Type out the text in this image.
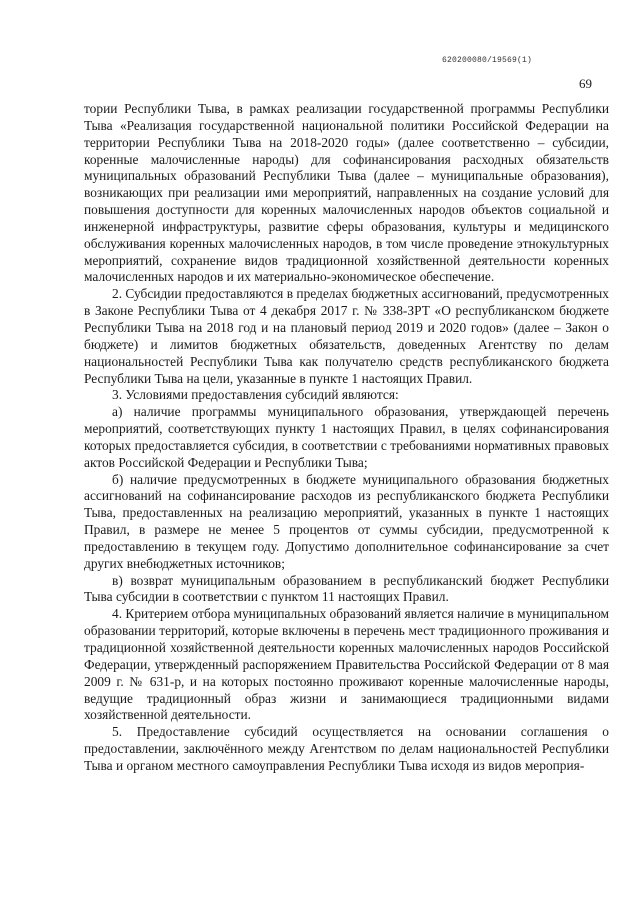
620200080/19569(1)
69

тории Республики Тыва, в рамках реализации государственной программы Республики Тыва «Реализация государственной национальной политики Российской Федерации на территории Республики Тыва на 2018-2020 годы» (далее соответственно – субсидии, коренные малочисленные народы) для софинансирования расходных обязательств муниципальных образований Республики Тыва (далее – муниципальные образования), возникающих при реализации ими мероприятий, направленных на создание условий для повышения доступности для коренных малочисленных народов объектов социальной и инженерной инфраструктуры, развитие сферы образования, культуры и медицинского обслуживания коренных малочисленных народов, в том числе проведение этнокультурных мероприятий, сохранение видов традиционной хозяйственной деятельности коренных малочисленных народов и их материально-экономическое обеспечение.

2. Субсидии предоставляются в пределах бюджетных ассигнований, предусмотренных в Законе Республики Тыва от 4 декабря 2017 г. № 338-ЗРТ «О республиканском бюджете Республики Тыва на 2018 год и на плановый период 2019 и 2020 годов» (далее – Закон о бюджете) и лимитов бюджетных обязательств, доведенных Агентству по делам национальностей Республики Тыва как получателю средств республиканского бюджета Республики Тыва на цели, указанные в пункте 1 настоящих Правил.

3. Условиями предоставления субсидий являются:

а) наличие программы муниципального образования, утверждающей перечень мероприятий, соответствующих пункту 1 настоящих Правил, в целях софинансирования которых предоставляется субсидия, в соответствии с требованиями нормативных правовых актов Российской Федерации и Республики Тыва;

б) наличие предусмотренных в бюджете муниципального образования бюджетных ассигнований на софинансирование расходов из республиканского бюджета Республики Тыва, предоставленных на реализацию мероприятий, указанных в пункте 1 настоящих Правил, в размере не менее 5 процентов от суммы субсидии, предусмотренной к предоставлению в текущем году. Допустимо дополнительное софинансирование за счет других внебюджетных источников;

в) возврат муниципальным образованием в республиканский бюджет Республики Тыва субсидии в соответствии с пунктом 11 настоящих Правил.

4. Критерием отбора муниципальных образований является наличие в муниципальном образовании территорий, которые включены в перечень мест традиционного проживания и традиционной хозяйственной деятельности коренных малочисленных народов Российской Федерации, утвержденный распоряжением Правительства Российской Федерации от 8 мая 2009 г. № 631-р, и на которых постоянно проживают коренные малочисленные народы, ведущие традиционный образ жизни и занимающиеся традиционными видами хозяйственной деятельности.

5. Предоставление субсидий осуществляется на основании соглашения о предоставлении, заключённого между Агентством по делам национальностей Республики Тыва и органом местного самоуправления Республики Тыва исходя из видов мероприя-
